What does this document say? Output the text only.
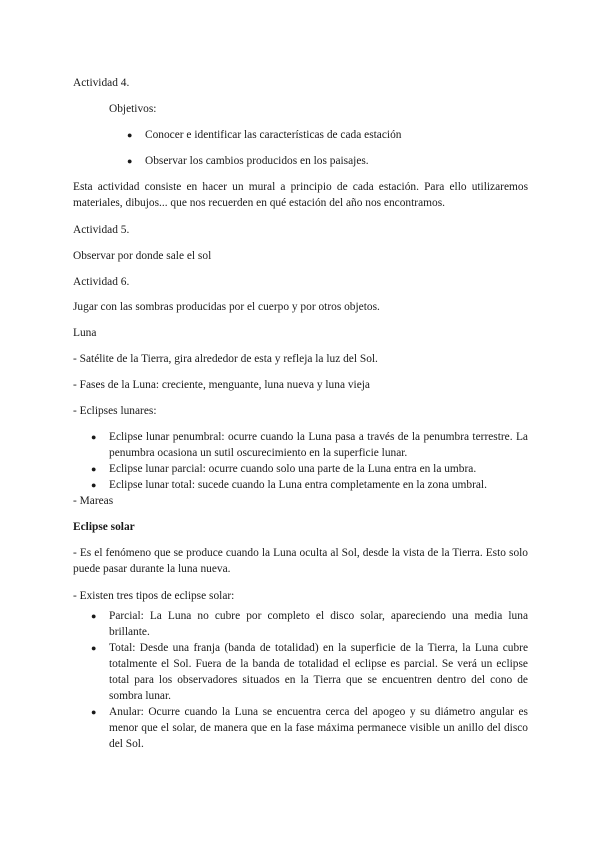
Actividad 4.

Objetivos:

● Conocer e identificar las características de cada estación

● Observar los cambios producidos en los paisajes.

Esta actividad consiste en hacer un mural a principio de cada estación. Para ello utilizaremos materiales, dibujos... que nos recuerden en qué estación del año nos encontramos.

Actividad 5.

Observar por donde sale el sol

Actividad 6.

Jugar con las sombras producidas por el cuerpo y por otros objetos.

Luna

- Satélite de la Tierra, gira alrededor de esta y refleja la luz del Sol.

- Fases de la Luna: creciente, menguante, luna nueva y luna vieja

- Eclipses lunares:

● Eclipse lunar penumbral: ocurre cuando la Luna pasa a través de la penumbra terrestre. La penumbra ocasiona un sutil oscurecimiento en la superficie lunar.

● Eclipse lunar parcial: ocurre cuando solo una parte de la Luna entra en la umbra.

● Eclipse lunar total: sucede cuando la Luna entra completamente en la zona umbral.

- Mareas

Eclipse solar

- Es el fenómeno que se produce cuando la Luna oculta al Sol, desde la vista de la Tierra. Esto solo puede pasar durante la luna nueva.

- Existen tres tipos de eclipse solar:

● Parcial: La Luna no cubre por completo el disco solar, apareciendo una media luna brillante.

● Total: Desde una franja (banda de totalidad) en la superficie de la Tierra, la Luna cubre totalmente el Sol. Fuera de la banda de totalidad el eclipse es parcial. Se verá un eclipse total para los observadores situados en la Tierra que se encuentren dentro del cono de sombra lunar.

● Anular: Ocurre cuando la Luna se encuentra cerca del apogeo y su diámetro angular es menor que el solar, de manera que en la fase máxima permanece visible un anillo del disco del Sol.
